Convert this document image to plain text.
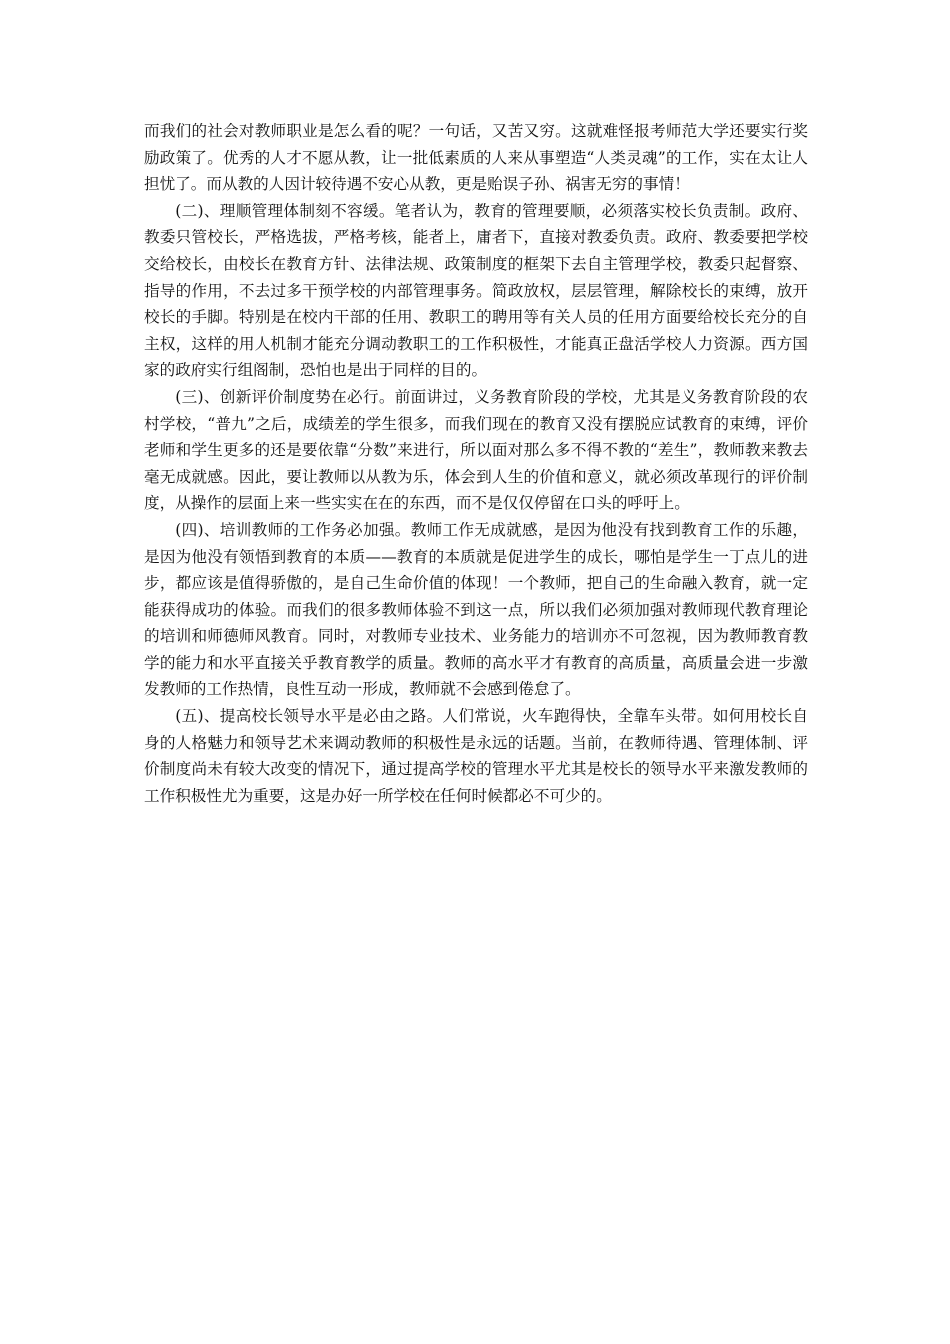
而我们的社会对教师职业是怎么看的呢？一句话，又苦又穷。这就难怪报考师范大学还要实行奖励政策了。优秀的人才不愿从教，让一批低素质的人来从事塑造“人类灵魂”的工作，实在太让人担忧了。而从教的人因计较待遇不安心从教，更是贻误子孙、祸害无穷的事情！

(二)、理顺管理体制刻不容缓。笔者认为，教育的管理要顺，必须落实校长负责制。政府、教委只管校长，严格选拔，严格考核，能者上，庸者下，直接对教委负责。政府、教委要把学校交给校长，由校长在教育方针、法律法规、政策制度的框架下去自主管理学校，教委只起督察、指导的作用，不去过多干预学校的内部管理事务。简政放权，层层管理，解除校长的束缚，放开校长的手脚。特别是在校内干部的任用、教职工的聘用等有关人员的任用方面要给校长充分的自主权，这样的用人机制才能充分调动教职工的工作积极性，才能真正盘活学校人力资源。西方国家的政府实行组阁制，恐怕也是出于同样的目的。

(三)、创新评价制度势在必行。前面讲过，义务教育阶段的学校，尤其是义务教育阶段的农村学校，“普九”之后，成绩差的学生很多，而我们现在的教育又没有摆脱应试教育的束缚，评价老师和学生更多的还是要依靠“分数”来进行，所以面对那么多不得不教的“差生”，教师教来教去毫无成就感。因此，要让教师以从教为乐，体会到人生的价值和意义，就必须改革现行的评价制度，从操作的层面上来一些实实在在的东西，而不是仅仅停留在口头的呼吁上。

(四)、培训教师的工作务必加强。教师工作无成就感，是因为他没有找到教育工作的乐趣，是因为他没有领悟到教育的本质——教育的本质就是促进学生的成长，哪怕是学生一丁点儿的进步，都应该是值得骄傲的，是自己生命价值的体现！一个教师，把自己的生命融入教育，就一定能获得成功的体验。而我们的很多教师体验不到这一点，所以我们必须加强对教师现代教育理论的培训和师德师风教育。同时，对教师专业技术、业务能力的培训亦不可忽视，因为教师教育教学的能力和水平直接关乎教育教学的质量。教师的高水平才有教育的高质量，高质量会进一步激发教师的工作热情，良性互动一形成，教师就不会感到倦怠了。

(五)、提高校长领导水平是必由之路。人们常说，火车跑得快，全靠车头带。如何用校长自身的人格魅力和领导艺术来调动教师的积极性是永远的话题。当前，在教师待遇、管理体制、评价制度尚未有较大改变的情况下，通过提高学校的管理水平尤其是校长的领导水平来激发教师的工作积极性尤为重要，这是办好一所学校在任何时候都必不可少的。
